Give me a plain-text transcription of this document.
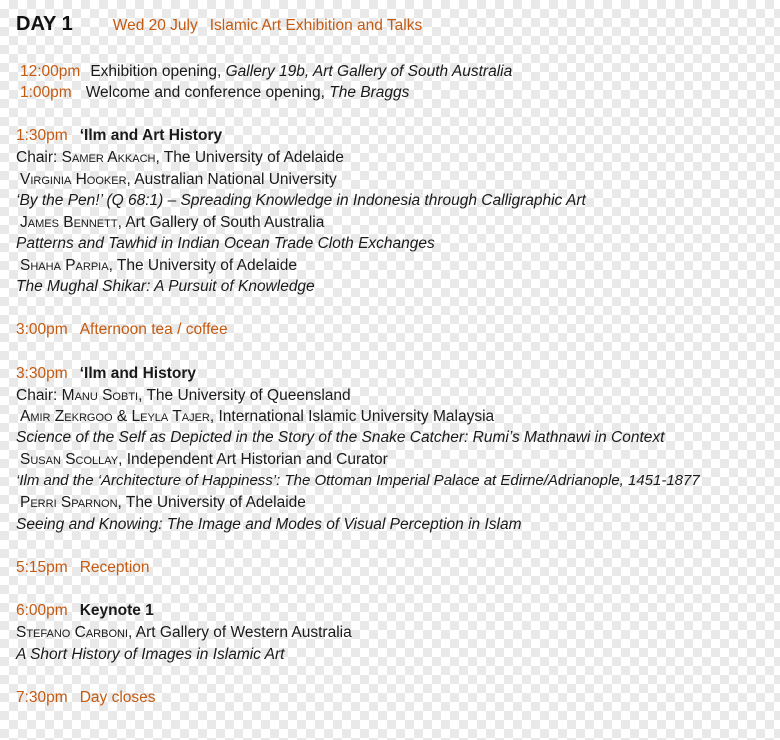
DAY 1	Wed 20 July Islamic Art Exhibition and Talks
12:00pm Exhibition opening, Gallery 19b, Art Gallery of South Australia
1:00pm Welcome and conference opening, The Braggs
1:30pm ‘Ilm and Art History
Chair: Samer Akkach, The University of Adelaide
Virginia Hooker, Australian National University
‘By the Pen!’ (Q 68:1) – Spreading Knowledge in Indonesia through Calligraphic Art
James Bennett, Art Gallery of South Australia
Patterns and Tawhid in Indian Ocean Trade Cloth Exchanges
Shaha Parpia, The University of Adelaide
The Mughal Shikar: A Pursuit of Knowledge
3:00pm Afternoon tea / coffee
3:30pm ‘Ilm and History
Chair: Manu Sobti, The University of Queensland
Amir Zekrgoo & Leyla Tajer, International Islamic University Malaysia
Science of the Self as Depicted in the Story of the Snake Catcher: Rumi’s Mathnawi in Context
Susan Scollay, Independent Art Historian and Curator
‘Ilm and the ‘Architecture of Happiness’: The Ottoman Imperial Palace at Edirne/Adrianople, 1451-1877
Perri Sparnon, The University of Adelaide
Seeing and Knowing: The Image and Modes of Visual Perception in Islam
5:15pm Reception
6:00pm Keynote 1
Stefano Carboni, Art Gallery of Western Australia
A Short History of Images in Islamic Art
7:30pm Day closes
